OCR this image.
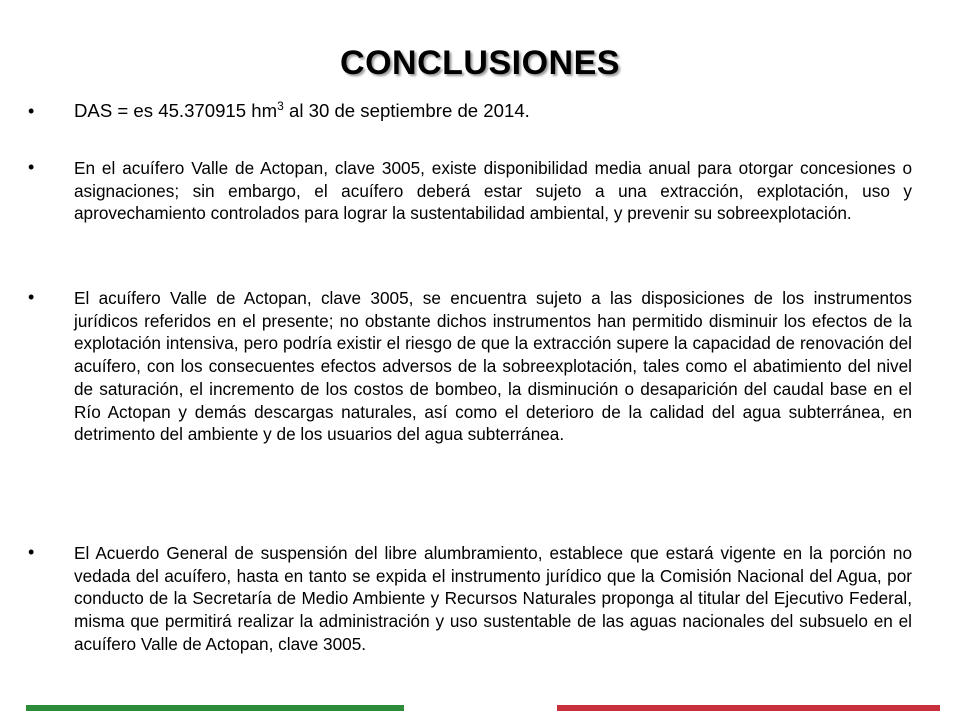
CONCLUSIONES
•	DAS = es 45.370915 $hm^3$ al 30 de septiembre de 2014.
•	En el acuífero Valle de Actopan, clave 3005, existe disponibilidad media anual para otorgar concesiones o asignaciones; sin embargo, el acuífero deberá estar sujeto a una extracción, explotación, uso y aprovechamiento controlados para lograr la sustentabilidad ambiental, y prevenir su sobreexplotación.
•	El acuífero Valle de Actopan, clave 3005, se encuentra sujeto a las disposiciones de los instrumentos jurídicos referidos en el presente; no obstante dichos instrumentos han permitido disminuir los efectos de la explotación intensiva, pero podría existir el riesgo de que la extracción supere la capacidad de renovación del acuífero, con los consecuentes efectos adversos de la sobreexplotación, tales como el abatimiento del nivel de saturación, el incremento de los costos de bombeo, la disminución o desaparición del caudal base en el Río Actopan y demás descargas naturales, así como el deterioro de la calidad del agua subterránea, en detrimento del ambiente y de los usuarios del agua subterránea.
•	El Acuerdo General de suspensión del libre alumbramiento, establece que estará vigente en la porción no vedada del acuífero, hasta en tanto se expida el instrumento jurídico que la Comisión Nacional del Agua, por conducto de la Secretaría de Medio Ambiente y Recursos Naturales proponga al titular del Ejecutivo Federal, misma que permitirá realizar la administración y uso sustentable de las aguas nacionales del subsuelo en el acuífero Valle de Actopan, clave 3005.
